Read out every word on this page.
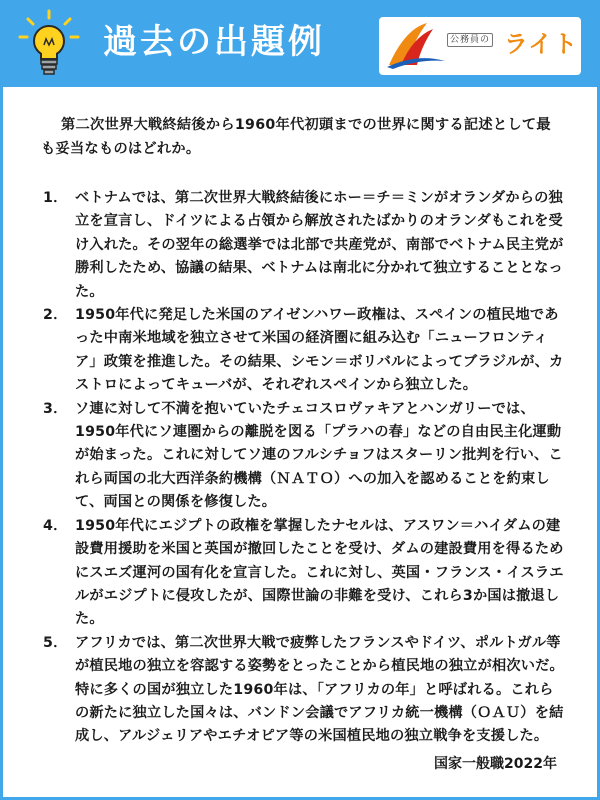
過去の出題例	公務員の ライト
第二次世界大戦終結後から1960年代初頭までの世界に関する記述として最も妥当なものはどれか。
1． ベトナムでは、第二次世界大戦終結後にホー＝チ＝ミンがオランダからの独立を宣言し、ドイツによる占領から解放されたばかりのオランダもこれを受け入れた。その翌年の総選挙では北部で共産党が、南部でベトナム民主党が勝利したため、協議の結果、ベトナムは南北に分かれて独立することとなった。
2． 1950年代に発足した米国のアイゼンハワー政権は、スペインの植民地であった中南米地域を独立させて米国の経済圏に組み込む「ニューフロンティア」政策を推進した。その結果、シモン＝ボリバルによってブラジルが、カストロによってキューバが、それぞれスペインから独立した。
3． ソ連に対して不満を抱いていたチェコスロヴァキアとハンガリーでは、1950年代にソ連圏からの離脱を図る「プラハの春」などの自由民主化運動が始まった。これに対してソ連のフルシチョフはスターリン批判を行い、これら両国の北大西洋条約機構（ＮＡＴＯ）への加入を認めることを約束して、両国との関係を修復した。
4． 1950年代にエジプトの政権を掌握したナセルは、アスワン＝ハイダムの建設費用援助を米国と英国が撤回したことを受け、ダムの建設費用を得るためにスエズ運河の国有化を宣言した。これに対し、英国・フランス・イスラエルがエジプトに侵攻したが、国際世論の非難を受け、これら3か国は撤退した。
5． アフリカでは、第二次世界大戦で疲弊したフランスやドイツ、ポルトガル等が植民地の独立を容認する姿勢をとったことから植民地の独立が相次いだ。特に多くの国が独立した1960年は、「アフリカの年」と呼ばれる。これらの新たに独立した国々は、バンドン会議でアフリカ統一機構（ＯＡＵ）を結成し、アルジェリアやエチオピア等の米国植民地の独立戦争を支援した。
国家一般職2022年
